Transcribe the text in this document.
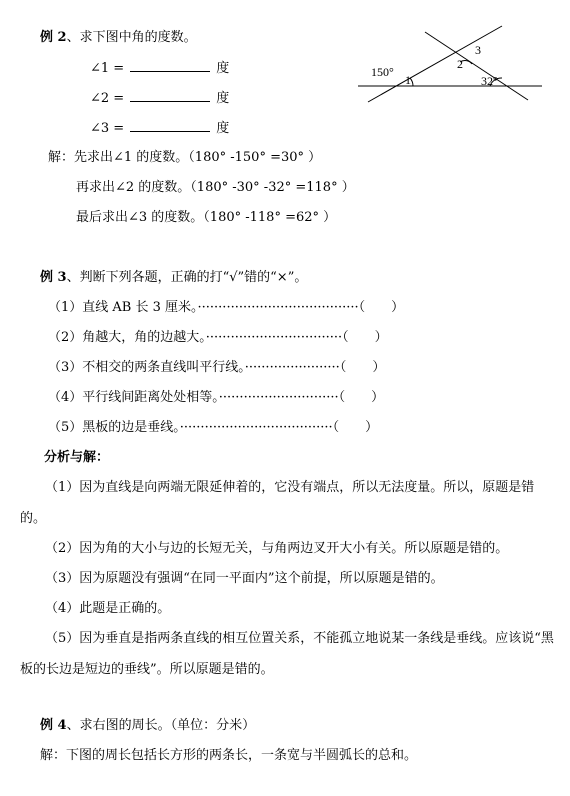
例 2、求下图中角的度数。
∠1 =	度
∠2 =	度
∠3 =	度
150°
1
2
3
32°
解：先求出∠1 的度数。（180° -150° =30° ）
再求出∠2 的度数。（180° -30° -32° =118° ）
最后求出∠3 的度数。（180° -118° =62° ）
例 3、判断下列各题，正确的打“√”错的“×”。
（1）直线 AB 长 3 厘米。·······································（　　）
（2）角越大，角的边越大。·································（　　）
（3）不相交的两条直线叫平行线。·······················（　　）
（4）平行线间距离处处相等。·····························（　　）
（5）黑板的边是垂线。·····································（　　）
分析与解：
（1）因为直线是向两端无限延伸着的，它没有端点，所以无法度量。所以，原题是错的。
（2）因为角的大小与边的长短无关，与角两边叉开大小有关。所以原题是错的。
（3）因为原题没有强调“在同一平面内”这个前提，所以原题是错的。
（4）此题是正确的。
（5）因为垂直是指两条直线的相互位置关系，不能孤立地说某一条线是垂线。应该说“黑板的长边是短边的垂线”。所以原题是错的。
例 4、求右图的周长。（单位：分米）
解：下图的周长包括长方形的两条长，一条宽与半圆弧长的总和。
